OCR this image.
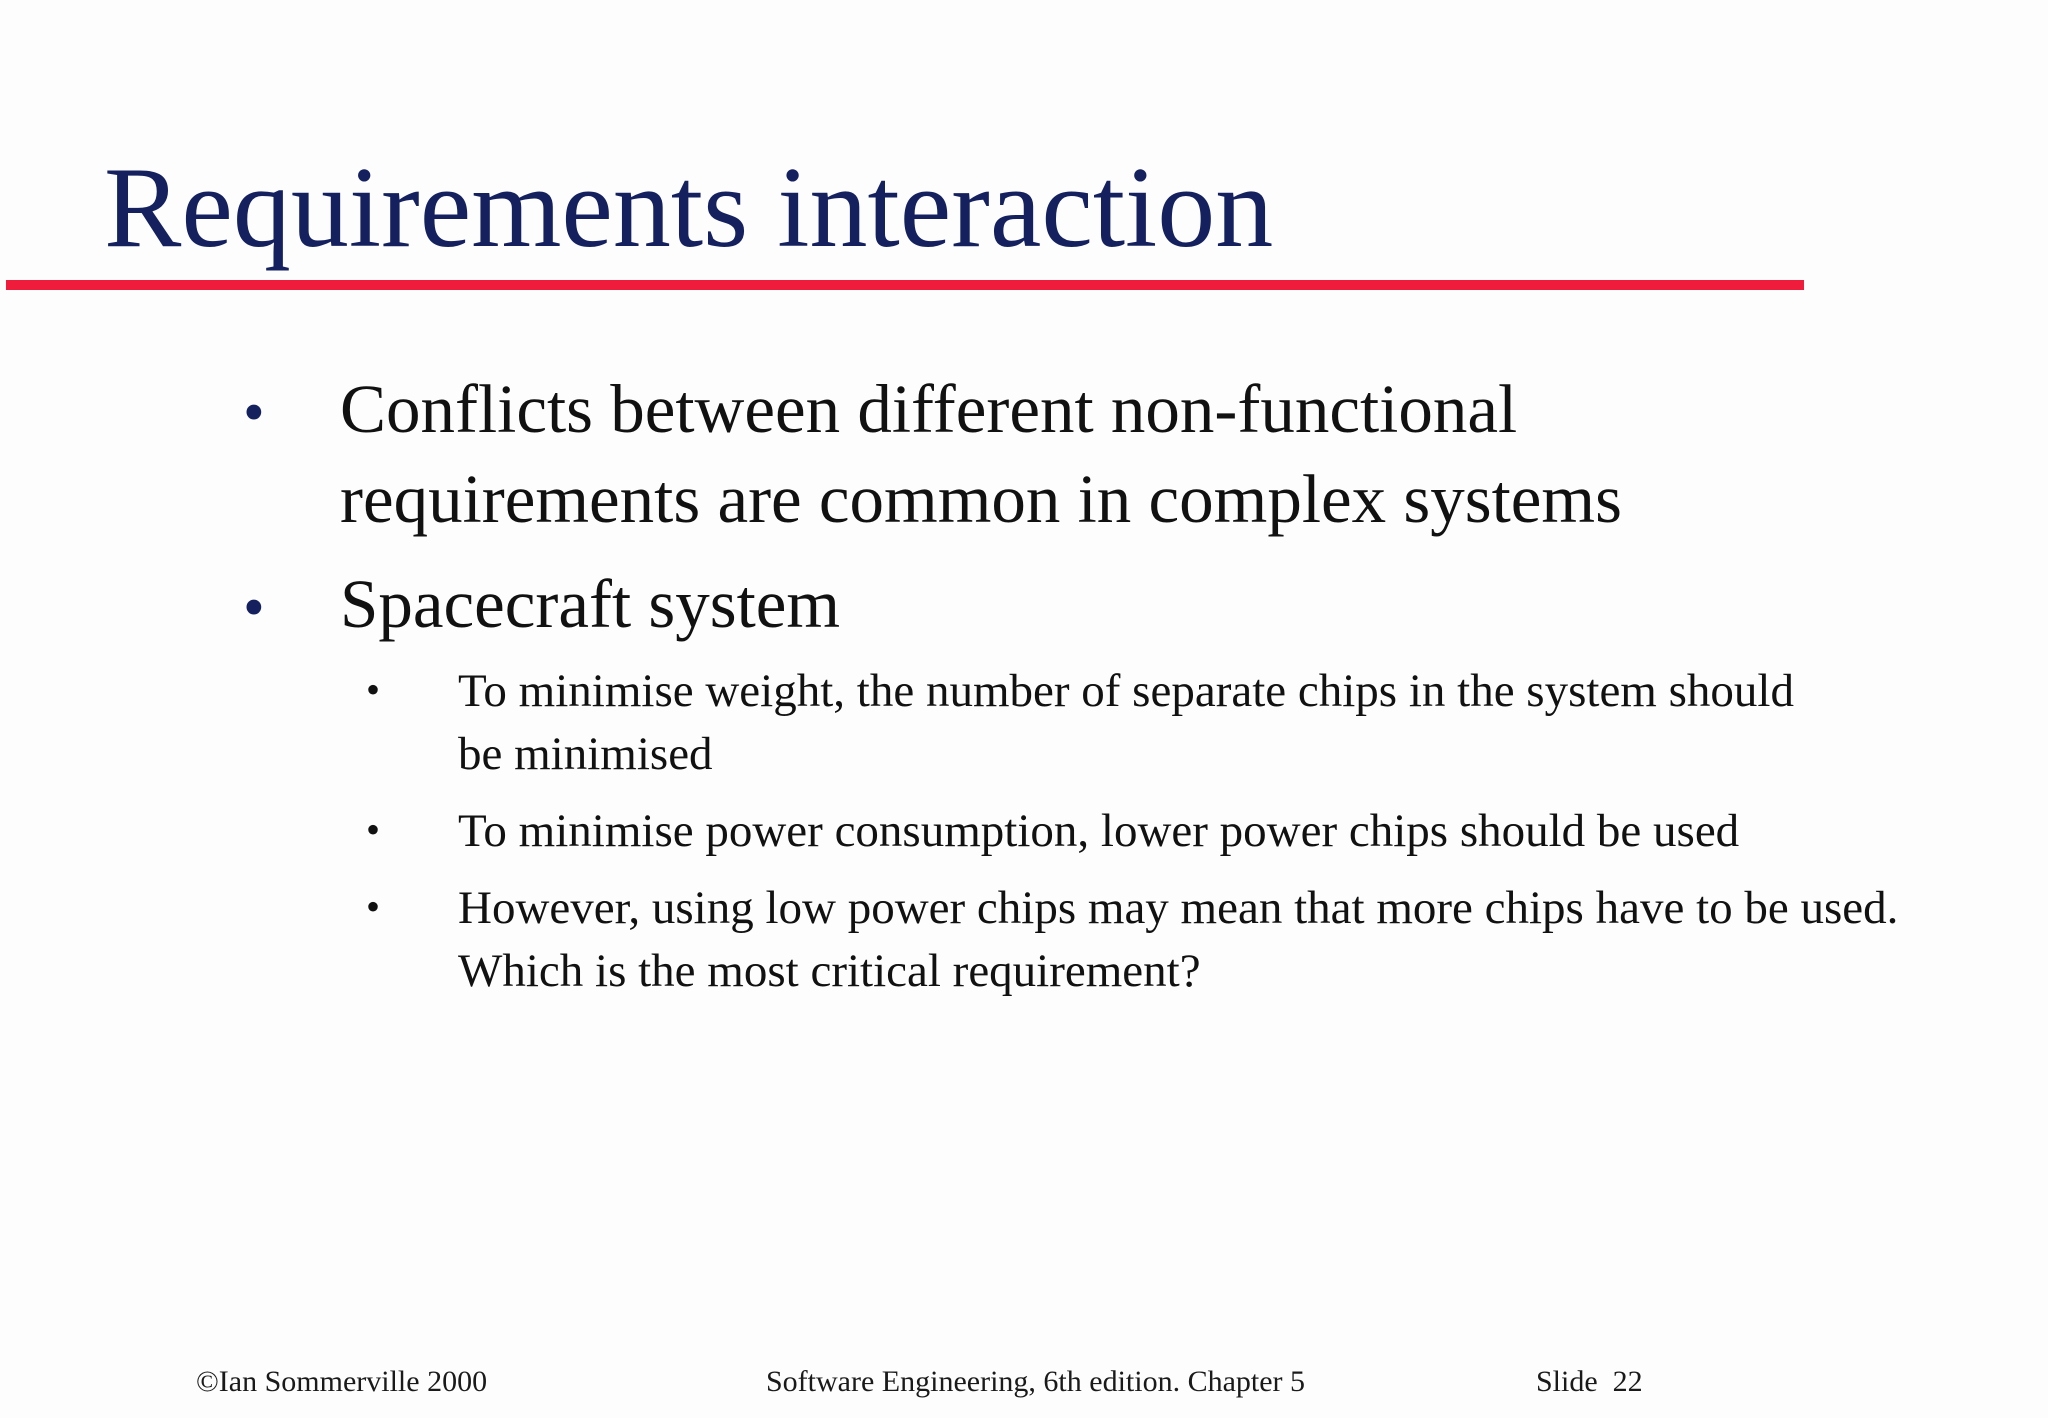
Requirements interaction
• Conflicts between different non-functional requirements are common in complex systems
• Spacecraft system
• To minimise weight, the number of separate chips in the system should be minimised
• To minimise power consumption, lower power chips should be used
• However, using low power chips may mean that more chips have to be used. Which is the most critical requirement?
©Ian Sommerville 2000	Software Engineering, 6th edition. Chapter 5	Slide  22
